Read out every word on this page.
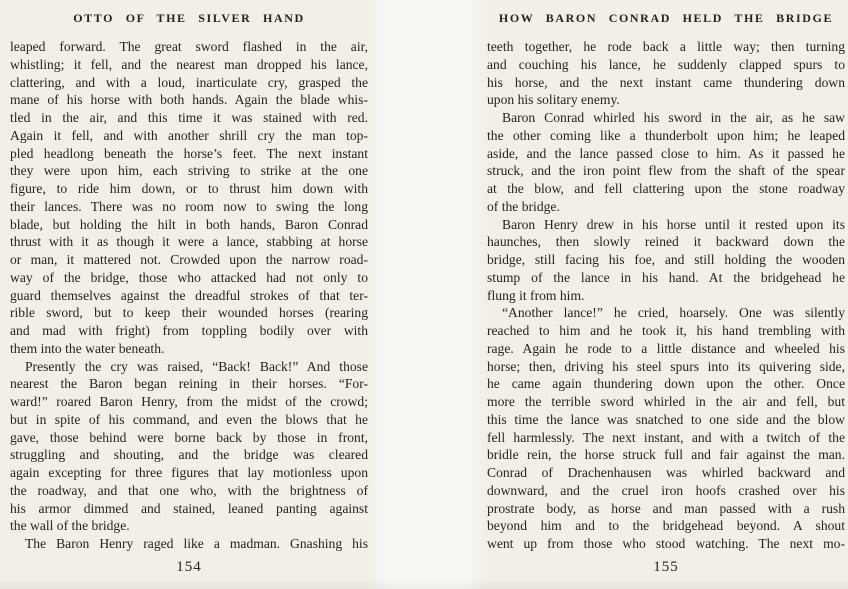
OTTO OF THE SILVER HAND
leaped forward. The great sword flashed in the air,
whistling; it fell, and the nearest man dropped his lance,
clattering, and with a loud, inarticulate cry, grasped the
mane of his horse with both hands. Again the blade whis-
tled in the air, and this time it was stained with red.
Again it fell, and with another shrill cry the man top-
pled headlong beneath the horse’s feet. The next instant
they were upon him, each striving to strike at the one
figure, to ride him down, or to thrust him down with
their lances. There was no room now to swing the long
blade, but holding the hilt in both hands, Baron Conrad
thrust with it as though it were a lance, stabbing at horse
or man, it mattered not. Crowded upon the narrow road-
way of the bridge, those who attacked had not only to
guard themselves against the dreadful strokes of that ter-
rible sword, but to keep their wounded horses (rearing
and mad with fright) from toppling bodily over with
them into the water beneath.
Presently the cry was raised, “Back! Back!” And those
nearest the Baron began reining in their horses. “For-
ward!” roared Baron Henry, from the midst of the crowd;
but in spite of his command, and even the blows that he
gave, those behind were borne back by those in front,
struggling and shouting, and the bridge was cleared
again excepting for three figures that lay motionless upon
the roadway, and that one who, with the brightness of
his armor dimmed and stained, leaned panting against
the wall of the bridge.
The Baron Henry raged like a madman. Gnashing his
154
HOW BARON CONRAD HELD THE BRIDGE
teeth together, he rode back a little way; then turning
and couching his lance, he suddenly clapped spurs to
his horse, and the next instant came thundering down
upon his solitary enemy.
Baron Conrad whirled his sword in the air, as he saw
the other coming like a thunderbolt upon him; he leaped
aside, and the lance passed close to him. As it passed he
struck, and the iron point flew from the shaft of the spear
at the blow, and fell clattering upon the stone roadway
of the bridge.
Baron Henry drew in his horse until it rested upon its
haunches, then slowly reined it backward down the
bridge, still facing his foe, and still holding the wooden
stump of the lance in his hand. At the bridgehead he
flung it from him.
“Another lance!” he cried, hoarsely. One was silently
reached to him and he took it, his hand trembling with
rage. Again he rode to a little distance and wheeled his
horse; then, driving his steel spurs into its quivering side,
he came again thundering down upon the other. Once
more the terrible sword whirled in the air and fell, but
this time the lance was snatched to one side and the blow
fell harmlessly. The next instant, and with a twitch of the
bridle rein, the horse struck full and fair against the man.
Conrad of Drachenhausen was whirled backward and
downward, and the cruel iron hoofs crashed over his
prostrate body, as horse and man passed with a rush
beyond him and to the bridgehead beyond. A shout
went up from those who stood watching. The next mo-
155
